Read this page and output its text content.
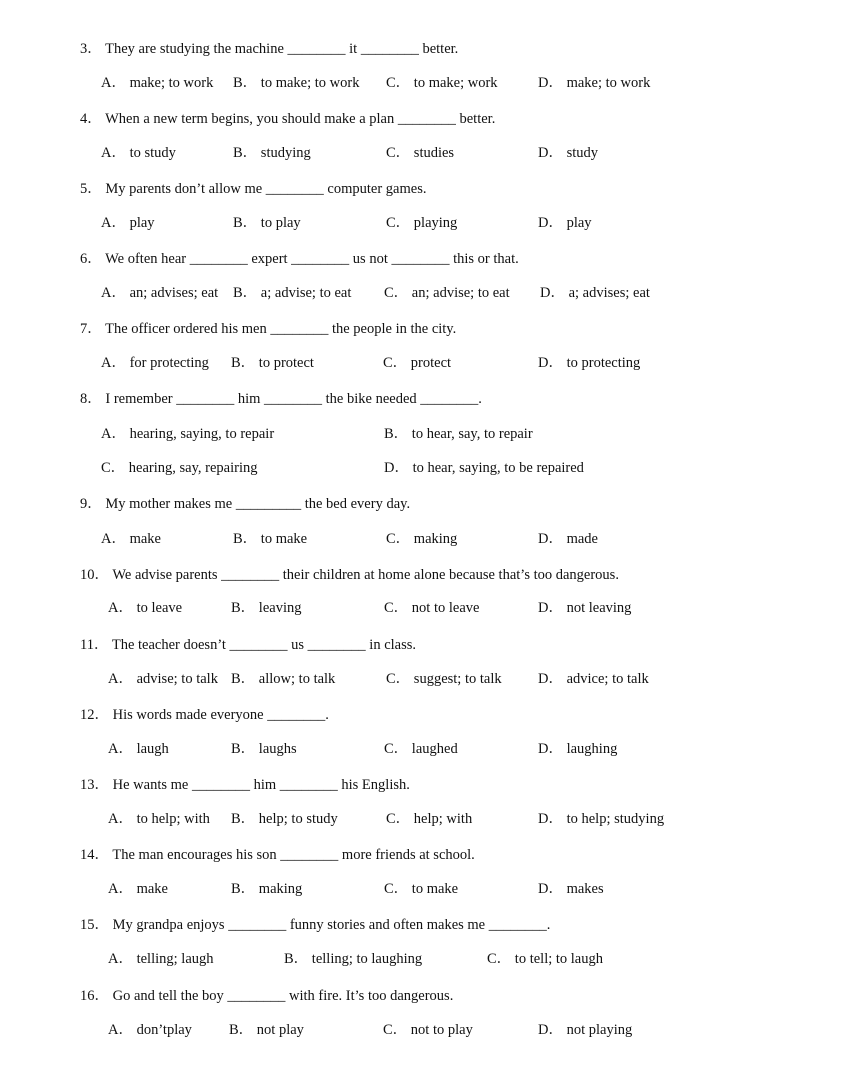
3． They are studying the machine ________ it ________ better.
A． make; to work B． to make; to work C． to make; work	D． make; to work
4． When a new term begins, you should make a plan ________ better.
A． to study	B． studying	C． studies	D． study
5． My parents don’t allow me ________ computer games.
A． play	B． to play	C． playing	D． play
6． We often hear ________ expert ________ us not ________ this or that.
A． an; advises; eat B． a; advise; to eat C． an; advise; to eat D． a; advises; eat
7． The officer ordered his men ________ the people in the city.
A． for protecting B． to protect	C． protect	D． to protecting
8． I remember ________ him ________ the bike needed ________.
A． hearing, saying, to repair	B． to hear, say, to repair
C． hearing, say, repairing	D． to hear, saying, to be repaired
9． My mother makes me _________ the bed every day.
A． make	B． to make	C． making	D． made
10． We advise parents ________ their children at home alone because that’s too dangerous.
A． to leave	B． leaving	C． not to leave	D． not leaving
11． The teacher doesn’t ________ us ________ in class.
A． advise; to talk B． allow; to talk	C． suggest; to talk	D． advice; to talk
12． His words made everyone ________.
A． laugh	B． laughs	C． laughed	D． laughing
13． He wants me ________ him ________ his English.
A． to help; with B． help; to study	C． help; with	D． to help; studying
14． The man encourages his son ________ more friends at school.
A． make	B． making	C． to make	D． makes
15． My grandpa enjoys ________ funny stories and often makes me ________.
A． telling; laugh	B． telling; to laughing	C． to tell; to laugh
16． Go and tell the boy ________ with fire. It’s too dangerous.
A． don’tplay	B． not play	C． not to play	D． not playing
